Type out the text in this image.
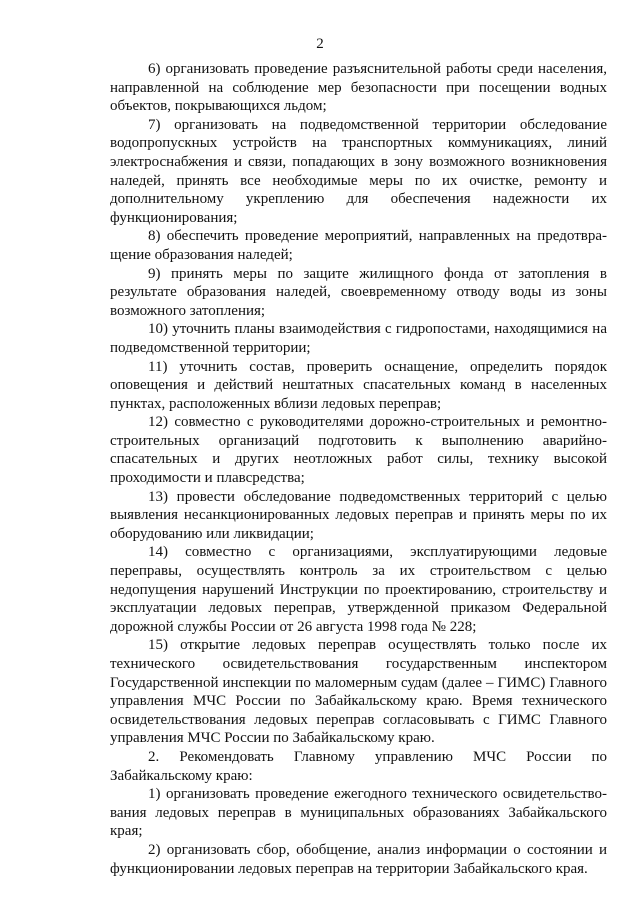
2

6) организовать проведение разъяснительной работы среди населения, направленной на соблюдение мер безопасности при посещении водных объектов, покрывающихся льдом;

7) организовать на подведомственной территории обследование водопропускных устройств на транспортных коммуникациях, линий электроснабжения и связи, попадающих в зону возможного возникновения наледей, принять все необходимые меры по их очистке, ремонту и дополнительному укреплению для обеспечения надежности их функционирования;

8) обеспечить проведение мероприятий, направленных на предотвращение образования наледей;

9) принять меры по защите жилищного фонда от затопления в результате образования наледей, своевременному отводу воды из зоны возможного затопления;

10) уточнить планы взаимодействия с гидропостами, находящимися на подведомственной территории;

11) уточнить состав, проверить оснащение, определить порядок оповещения и действий нештатных спасательных команд в населенных пунктах, расположенных вблизи ледовых переправ;

12) совместно с руководителями дорожно-строительных и ремонтно-строительных организаций подготовить к выполнению аварийно-спасательных и других неотложных работ силы, технику высокой проходимости и плавсредства;

13) провести обследование подведомственных территорий с целью выявления несанкционированных ледовых переправ и принять меры по их оборудованию или ликвидации;

14) совместно с организациями, эксплуатирующими ледовые переправы, осуществлять контроль за их строительством с целью недопущения нарушений Инструкции по проектированию, строительству и эксплуатации ледовых переправ, утвержденной приказом Федеральной дорожной службы России от 26 августа 1998 года № 228;

15) открытие ледовых переправ осуществлять только после их технического освидетельствования государственным инспектором Государственной инспекции по маломерным судам (далее – ГИМС) Главного управления МЧС России по Забайкальскому краю. Время технического освидетельствования ледовых переправ согласовывать с ГИМС Главного управления МЧС России по Забайкальскому краю.

2. Рекомендовать Главному управлению МЧС России по Забайкальскому краю:

1) организовать проведение ежегодного технического освидетельствования ледовых переправ в муниципальных образованиях Забайкальского края;

2) организовать сбор, обобщение, анализ информации о состоянии и функционировании ледовых переправ на территории Забайкальского края.
